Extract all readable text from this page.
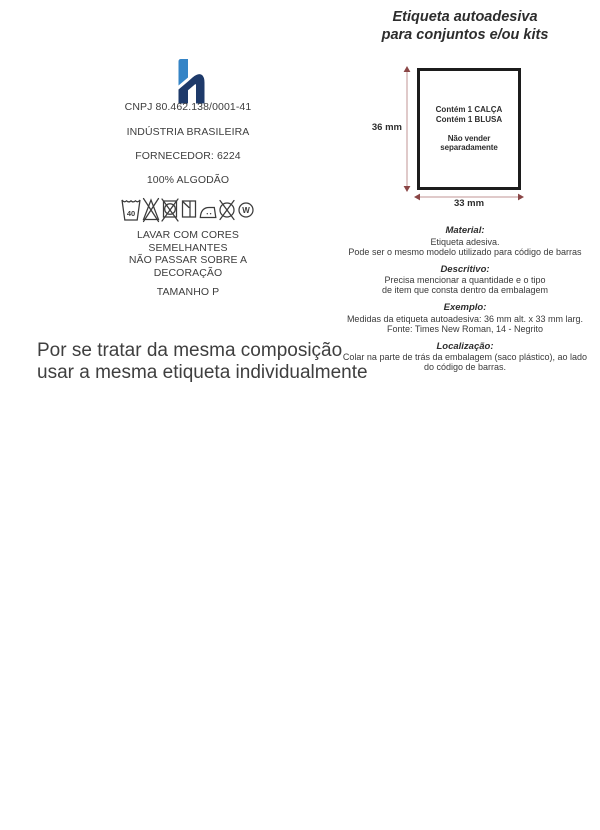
Etiqueta autoadesiva
para conjuntos e/ou kits
CNPJ 80.462.138/0001-41
INDÚSTRIA BRASILEIRA
FORNECEDOR: 6224
100% ALGODÃO
40	W
LAVAR COM CORES
SEMELHANTES
NÃO PASSAR SOBRE A
DECORAÇÃO
TAMANHO P
Por se tratar da mesma composição
usar a mesma etiqueta individualmente
Contém 1 CALÇA
Contém 1 BLUSA
Não vender separadamente
36 mm
33 mm
Material:
Etiqueta adesiva.
Pode ser o mesmo modelo utilizado para código de barras
Descritivo:
Precisa mencionar a quantidade e o tipo
de item que consta dentro da embalagem
Exemplo:
Medidas da etiqueta autoadesiva: 36 mm alt. x 33 mm larg.
Fonte: Times New Roman, 14 - Negrito
Localização:
Colar na parte de trás da embalagem (saco plástico), ao lado
do código de barras.
